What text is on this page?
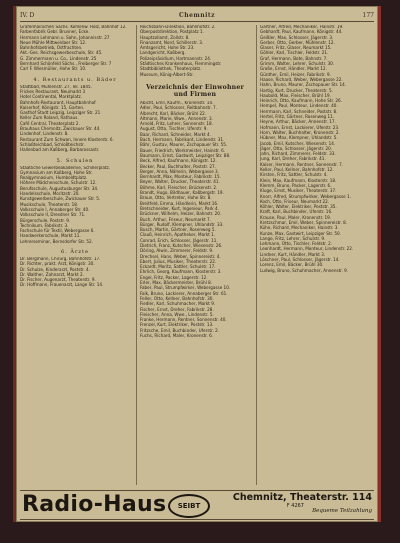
IV. D	Chemnitz	177
Gräfenhainichen Sachs. Kohlenw. Holz, Bahnhof 12.
Farbenfabrik Gebr. Brunner, Ecke.
Hermann Lehmann u. Sohn, Johannisstr. 27
Neue Mühle Mittweidaer Str. 12.
Bahnhofsbetrieb, Ostfrachten.
Akt.-Ges. Reichsgewerbeschule, Str. 45.
G. Zimmermann u. Co., Lindenstr. 25
Bernhard Schönfeld Sächs., Freiberger Str. 7
Carl F. Wiesmüller, Hohe Str. 10.
4. Restaurants u. Bäder
Stadtbad, Mühlenstr. 27, Tel. 1845.
Frickes Restaurant, Neumarkt 3
Hotel Continental, Marktplatz.
Bahnhofs-Restaurant, Hauptbahnhof.
Kaiserhof, Königstr. 15, Garten.
Gasthof Stadt Leipzig, Leipziger Str. 21
Keller Zum Roland, Rathaus.
Café Central, Theaterplatz 2.
Brauhaus Chemnitz, Zwickauer Str. 44.
Lindenhof, Lindenstr. 8.
Restaurant Zum Schwan, Innere Klosterstr. 6.
Schloßteichbad, Schloßteichstr.
Hallenbad am Kaßberg, Barbarossastr.
5. Schulen
Staatliche Gewerbeakademie, Schillerplatz.
Gymnasium am Kaßberg, Hohe Str.
Realgymnasium, Humboldtplatz.
Höhere Mädchenschule, Schulstr. 12.
Berufsschule, Augustusburger Str. 34.
Handelsschule, Moritzstr. 20.
Kunstgewerbeschule, Zwickauer Str. 5.
Musikschule, Theaterstr. 18.
Volksschule I, Annaberger Str. 40.
Volksschule II, Dresdner Str. 71.
Bürgerschule, Poststr. 9.
Technikum, Fabrikstr. 3.
Fachschule für Textil, Webergasse 6.
Handwerkerschule, Markt 11.
Lehrerseminar, Bernsdorfer Str. 52.
6. Ärzte
Dr. Bergmann, Chirurg, Bahnhofstr. 17.
Dr. Richter, prakt. Arzt, Königstr. 30.
Dr. Schulze, Kinderarzt, Poststr. 4.
Dr. Walther, Zahnarzt, Markt 2.
Dr. Fischer, Augenarzt, Theaterstr. 9.
Dr. Hoffmann, Frauenarzt, Lange Str. 14.
Reichsbahn-Direktion, Bahnhofstr. 2.
Oberpostdirektion, Postplatz 1.
Hauptzollamt, Zollstr. 8.
Finanzamt, Nord, Schillerstr. 3.
Amtsgericht, Hohe Str. 23.
Landgericht, Kaßberg.
Polizeipräsidium, Hartmannstr. 24.
Städtisches Krankenhaus, Flemmingstr.
Stadtbibliothek, Theaterplatz.
Museum, König-Albert-Str.
Verzeichnis der Einwohner
und Firmen
Abicht, Emil, Kaufm., Kronenstr. 14.
Adler, Paul, Schlosser, Reitbahnstr. 7.
Albrecht, Karl, Bäcker, Brühl 22.
Altmann, Marie, Wwe., Annenstr. 3.
Arnold, Fritz, Lehrer, Sonnenstr. 18.
August, Otto, Tischler, Uferstr. 9.
Baar, Richard, Schneider, Markt 4.
Bach, Hermann, Fabrikant, Lindenstr. 31.
Bähr, Gustav, Maurer, Zschopauer Str. 55.
Bauer, Friedrich, Werkmeister, Hainstr. 6.
Baumann, Ernst, Gastwirt, Leipziger Str. 88.
Beck, Alfred, Kaufmann, Königstr. 12.
Becker, Paul, Buchhalter, Poststr. 27.
Berger, Anna, Näherin, Webergasse 3.
Bernhardt, Max, Monteur, Fabrikstr. 15.
Beyer, Walter, Drucker, Theaterstr. 41.
Böhme, Karl, Fleischer, Brückenstr. 2.
Brandt, Hugo, Bildhauer, Kaßbergstr. 19.
Braun, Otto, Vertreter, Hohe Str. 8.
Breitfeld, Emma, Händlerin, Markt 16.
Bretschneider, Kurt, Ingenieur, Park 4.
Brückner, Wilhelm, Heizer, Bahnstr. 20.
Buch, Arthur, Friseur, Neumarkt 7.
Bürger, Rudolf, Klempner, Uhlandstr. 33.
Busch, Martin, Gärtner, Rosenweg 5.
Clauß, Heinrich, Apotheker, Markt 1.
Conrad, Erich, Schlosser, Jägerstr. 11.
Dietrich, Franz, Kutscher, Wiesenstr. 26.
Döring, Alwin, Zimmerer, Feldstr. 9.
Drechsel, Hans, Weber, Spinnereistr. 4.
Ebert, Julius, Musiker, Theaterstr. 22.
Eckardt, Moritz, Sattler, Schulstr. 17.
Ehrlich, Georg, Kaufmann, Klosterstr. 3.
Engel, Fritz, Packer, Lagerstr. 12.
Erler, Max, Bäckermeister, Brühl 8.
Faber, Paul, Strumpfwirker, Webergasse 10.
Falk, Bruno, Lackierer, Annaberger Str. 61.
Feller, Otto, Kellner, Bahnhofstr. 30.
Fiedler, Karl, Schuhmacher, Markt 9.
Fischer, Ernst, Dreher, Fabrikstr. 28.
Fleischer, Anna, Wwe., Lindenstr. 5.
Franke, Hermann, Rentner, Sonnenstr. 40.
Frenzel, Kurt, Elektriker, Poststr. 13.
Fritzsche, Emil, Buchbinder, Uferstr. 2.
Fuchs, Richard, Maler, Kronenstr. 6.
Gärtner, Alfred, Mechaniker, Hainstr. 19.
Gebhardt, Paul, Kaufmann, Königstr. 44.
Geißler, Max, Schlosser, Jägerstr. 3.
Gerber, Otto, Gerber, Mühlenstr. 12.
Glaser, Fritz, Glaser, Neumarkt 15.
Göhler, Karl, Tischler, Feldstr. 21.
Graf, Hermann, Bote, Bahnstr. 7.
Grimm, Walter, Lehrer, Schulstr. 30.
Große, Ernst, Händler, Markt 12.
Günther, Emil, Heizer, Fabrikstr. 9.
Haase, Richard, Weber, Webergasse 22.
Hahn, Bruno, Maurer, Zschopauer Str. 14.
Hartig, Kurt, Drucker, Theaterstr. 5.
Haubold, Max, Fleischer, Brühl 19.
Heinrich, Otto, Kaufmann, Hohe Str. 26.
Hempel, Paul, Monteur, Lindenstr. 40.
Herrmann, Karl, Schneider, Poststr. 8.
Hertel, Fritz, Gärtner, Rosenweg 11.
Heyne, Arthur, Bäcker, Annenstr. 17.
Hofmann, Ernst, Lackierer, Uferstr. 23.
Horn, Walter, Buchhalter, Kronenstr. 2.
Hübner, Max, Klempner, Uhlandstr. 5.
Jacob, Emil, Kutscher, Wiesenstr. 14.
Jäger, Otto, Schlosser, Jägerstr. 20.
Jahn, Richard, Zimmerer, Feldstr. 33.
Jung, Karl, Dreher, Fabrikstr. 41.
Kaiser, Hermann, Rentner, Sonnenstr. 7.
Keller, Paul, Kellner, Bahnhofstr. 12.
Kirsten, Fritz, Sattler, Schulstr. 4.
Klein, Max, Kaufmann, Klosterstr. 18.
Klemm, Bruno, Packer, Lagerstr. 6.
Kluge, Ernst, Musiker, Theaterstr. 37.
Knorr, Alfred, Strumpfwirker, Webergasse 1.
Koch, Otto, Friseur, Neumarkt 22.
Köhler, Walter, Elektriker, Poststr. 35.
Kraft, Karl, Buchbinder, Uferstr. 16.
Krause, Paul, Maler, Kronenstr. 19.
Kretzschmar, Emil, Weber, Spinnereistr. 8.
Kühn, Richard, Mechaniker, Hainstr. 3.
Kunze, Max, Gastwirt, Leipziger Str. 50.
Lange, Fritz, Lehrer, Schulstr. 9.
Lehmann, Otto, Tischler, Feldstr. 2.
Leonhardt, Hermann, Monteur, Lindenstr. 22.
Lindner, Kurt, Händler, Markt 3.
Löschner, Paul, Schlosser, Jägerstr. 14.
Lorenz, Emil, Bäcker, Brühl 30.
Ludwig, Bruno, Schuhmacher, Annenstr. 9.
Radio-Haus	SEIBT
Chemnitz, Theaterstr. 114
F 4267
Bequeme Teilzahlung
